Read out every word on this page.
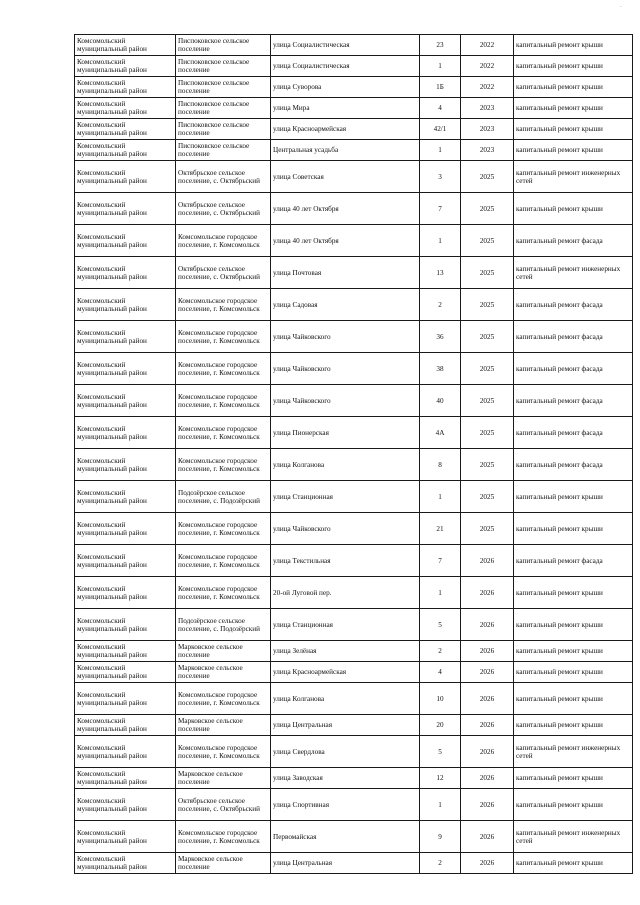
·
Комсомольский муниципальный район	Писпоковское сельское поселение	улица Социалистическая	23	2022	капитальный ремонт крыши
Комсомольский муниципальный район	Писпоковское сельское поселение	улица Социалистическая	1	2022	капитальный ремонт крыши
Комсомольский муниципальный район	Писпоковское сельское поселение	улица Суворова	1Б	2022	капитальный ремонт крыши
Комсомольский муниципальный район	Писпоковское сельское поселение	улица Мира	4	2023	капитальный ремонт крыши
Комсомольский муниципальный район	Писпоковское сельское поселение	улица Красноармейская	42/1	2023	капитальный ремонт крыши
Комсомольский муниципальный район	Писпоковское сельское поселение	Центральная усадьба	1	2023	капитальный ремонт крыши
Комсомольский муниципальный район	Октябрьское сельское поселение, с. Октябрьский	улица Советская	3	2025	капитальный ремонт инженерных сетей
Комсомольский муниципальный район	Октябрьское сельское поселение, с. Октябрьский	улица 40 лет Октября	7	2025	капитальный ремонт крыши
Комсомольский муниципальный район	Комсомольское городское поселение, г. Комсомольск	улица 40 лет Октября	1	2025	капитальный ремонт фасада
Комсомольский муниципальный район	Октябрьское сельское поселение, с. Октябрьский	улица Почтовая	13	2025	капитальный ремонт инженерных сетей
Комсомольский муниципальный район	Комсомольское городское поселение, г. Комсомольск	улица Садовая	2	2025	капитальный ремонт фасада
Комсомольский муниципальный район	Комсомольское городское поселение, г. Комсомольск	улица Чайковского	36	2025	капитальный ремонт фасада
Комсомольский муниципальный район	Комсомольское городское поселение, г. Комсомольск	улица Чайковского	38	2025	капитальный ремонт фасада
Комсомольский муниципальный район	Комсомольское городское поселение, г. Комсомольск	улица Чайковского	40	2025	капитальный ремонт фасада
Комсомольский муниципальный район	Комсомольское городское поселение, г. Комсомольск	улица Пионерская	4А	2025	капитальный ремонт фасада
Комсомольский муниципальный район	Комсомольское городское поселение, г. Комсомольск	улица Колганова	8	2025	капитальный ремонт фасада
Комсомольский муниципальный район	Подозёрское сельское поселение, с. Подозёрский	улица Станционная	1	2025	капитальный ремонт крыши
Комсомольский муниципальный район	Комсомольское городское поселение, г. Комсомольск	улица Чайковского	21	2025	капитальный ремонт крыши
Комсомольский муниципальный район	Комсомольское городское поселение, г. Комсомольск	улица Текстильная	7	2026	капитальный ремонт фасада
Комсомольский муниципальный район	Комсомольское городское поселение, г. Комсомольск	20-ой Луговой пер.	1	2026	капитальный ремонт крыши
Комсомольский муниципальный район	Подозёрское сельское поселение, с. Подозёрский	улица Станционная	5	2026	капитальный ремонт крыши
Комсомольский муниципальный район	Марковское сельское поселение	улица Зелёная	2	2026	капитальный ремонт крыши
Комсомольский муниципальный район	Марковское сельское поселение	улица Красноармейская	4	2026	капитальный ремонт крыши
Комсомольский муниципальный район	Комсомольское городское поселение, г. Комсомольск	улица Колганова	10	2026	капитальный ремонт крыши
Комсомольский муниципальный район	Марковское сельское поселение	улица Центральная	20	2026	капитальный ремонт крыши
Комсомольский муниципальный район	Комсомольское городское поселение, г. Комсомольск	улица Свердлова	5	2026	капитальный ремонт инженерных сетей
Комсомольский муниципальный район	Марковское сельское поселение	улица Заводская	12	2026	капитальный ремонт крыши
Комсомольский муниципальный район	Октябрьское сельское поселение, с. Октябрьский	улица Спортивная	1	2026	капитальный ремонт крыши
Комсомольский муниципальный район	Комсомольское городское поселение, г. Комсомольск	Первомайская	9	2026	капитальный ремонт инженерных сетей
Комсомольский муниципальный район	Марковское сельское поселение	улица Центральная	2	2026	капитальный ремонт крыши
